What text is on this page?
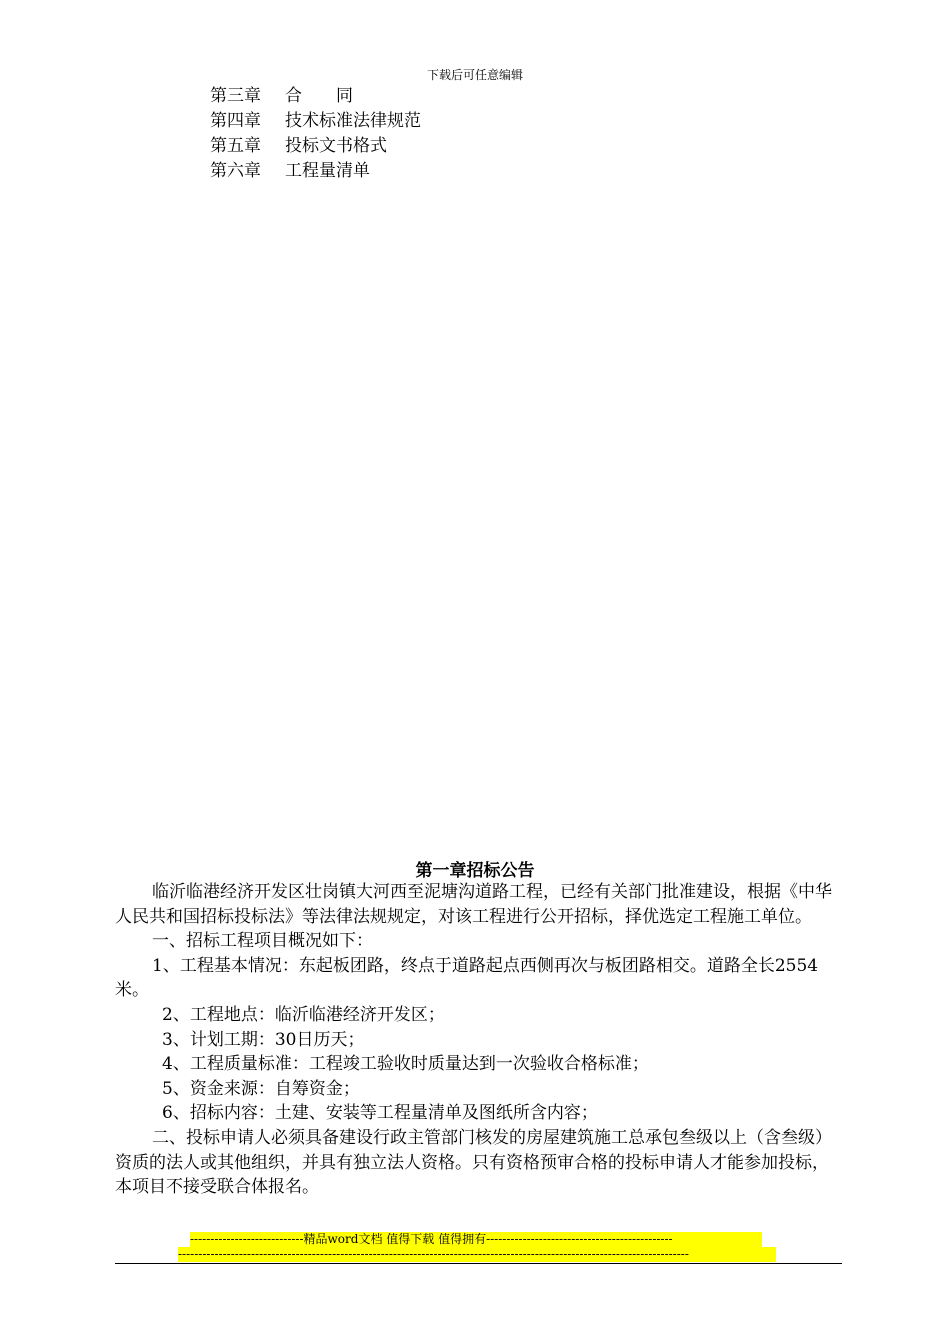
下载后可任意编辑
第三章 合　　同
第四章 技术标准法律规范
第五章 投标文书格式
第六章 工程量清单
第一章招标公告

临沂临港经济开发区壮岗镇大河西至泥塘沟道路工程，已经有关部门批准建设，根据《中华人民共和国招标投标法》等法律法规规定，对该工程进行公开招标，择优选定工程施工单位。

一、招标工程项目概况如下：

1、工程基本情况：东起板团路，终点于道路起点西侧再次与板团路相交。道路全长2554米。

2、工程地点：临沂临港经济开发区；

3、计划工期：30日历天；

4、工程质量标准：工程竣工验收时质量达到一次验收合格标准；

5、资金来源：自筹资金；

6、招标内容：土建、安装等工程量清单及图纸所含内容；

二、投标申请人必须具备建设行政主管部门核发的房屋建筑施工总承包叁级以上（含叁级）资质的法人或其他组织，并具有独立法人资格。只有资格预审合格的投标申请人才能参加投标，本项目不接受联合体报名。

----------------------------精品word文档 值得下载 值得拥有----------------------------------------------
------------------------------------------------------------------------------------------------------------------------------
